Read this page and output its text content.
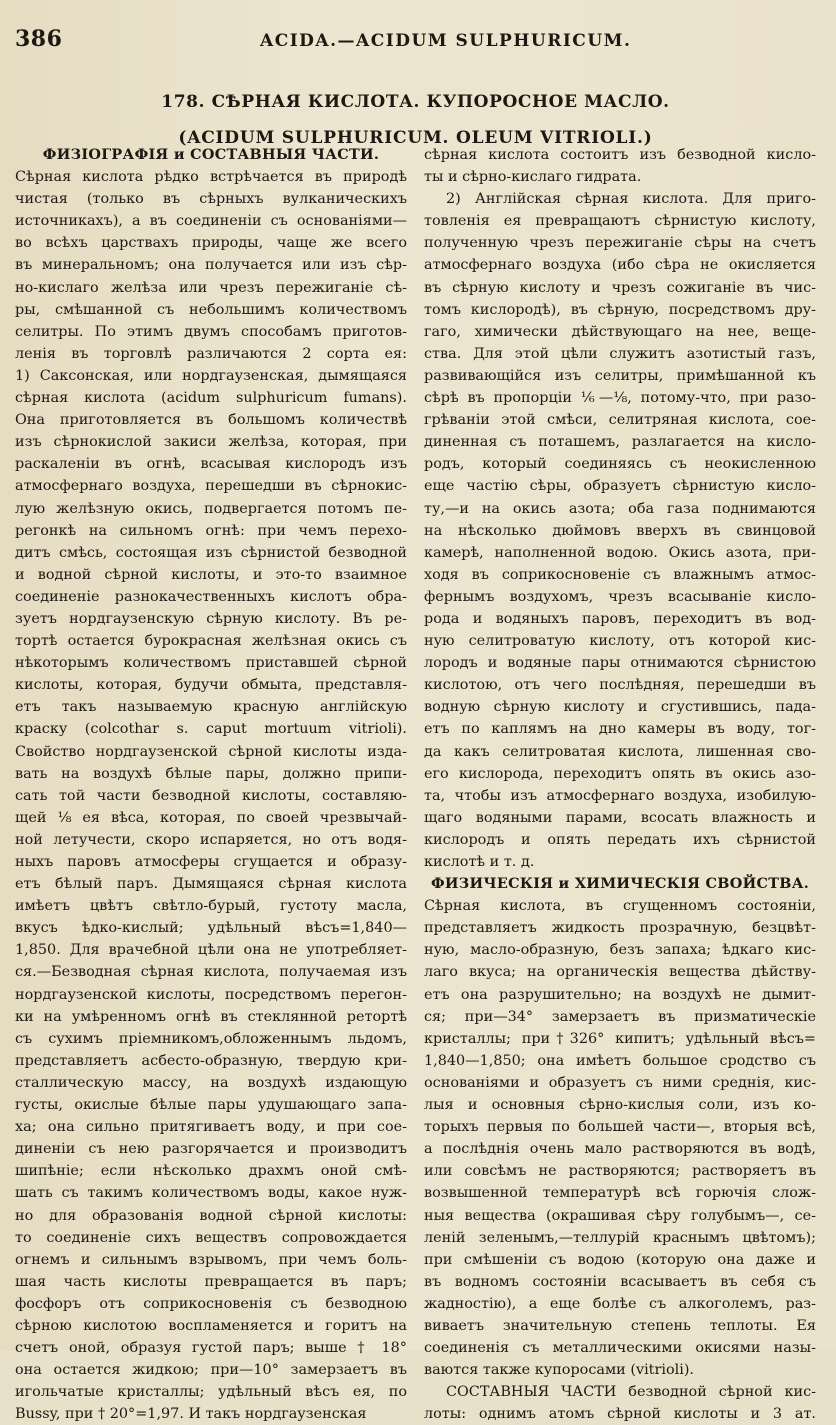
386	ACIDA.—ACIDUM SULPHURICUM.
178. СѢРНАЯ КИСЛОТА. КУПОРОСНОЕ МАСЛО.
(ACIDUM SULPHURICUM. OLEUM VITRIOLI.)
ФИЗІОГРАФІЯ и СОСТАВНЫЯ ЧАСТИ.
Сѣрная кислота рѣдко встрѣчается въ природѣ
чистая (только въ сѣрныхъ вулканическихъ
источникахъ), а въ соединеніи съ основаніями—
во всѣхъ царствахъ природы, чаще же всего
въ минеральномъ; она получается или изъ сѣр-
но-кислаго желѣза или чрезъ пережиганіе сѣ-
ры, смѣшанной съ небольшимъ количествомъ
селитры. По этимъ двумъ способамъ приготов-
ленія въ торговлѣ различаются 2 сорта ея:
1) Саксонская, или нордгаузенская, дымящаяся
сѣрная кислота (acidum sulphuricum fumans).
Она приготовляется въ большомъ количествѣ
изъ сѣрнокислой закиси желѣза, которая, при
раскаленіи въ огнѣ, всасывая кислородъ изъ
атмосфернаго воздуха, перешедши въ сѣрнокис-
лую желѣзную окись, подвергается потомъ пе-
регонкѣ на сильномъ огнѣ: при чемъ перехо-
дитъ смѣсь, состоящая изъ сѣрнистой безводной
и водной сѣрной кислоты, и это-то взаимное
соединеніе разнокачественныхъ кислотъ обра-
зуетъ нордгаузенскую сѣрную кислоту. Въ ре-
тортѣ остается бурокрасная желѣзная окись съ
нѣкоторымъ количествомъ приставшей сѣрной
кислоты, которая, будучи обмыта, представля-
етъ такъ называемую красную англійскую
краску (colcothar s. caput mortuum vitrioli).
Свойство нордгаузенской сѣрной кислоты изда-
вать на воздухѣ бѣлые пары, должно припи-
сать той части безводной кислоты, составляю-
щей ⅛ ея вѣса, которая, по своей чрезвычай-
ной летучести, скоро испаряется, но отъ водя-
ныхъ паровъ атмосферы сгущается и образу-
етъ бѣлый паръ. Дымящаяся сѣрная кислота
имѣетъ цвѣтъ свѣтло-бурый, густоту масла,
вкусъ ѣдко-кислый; удѣльный вѣсъ=1,840—
1,850. Для врачебной цѣли она не употребляет-
ся.—Безводная сѣрная кислота, получаемая изъ
нордгаузенской кислоты, посредствомъ перегон-
ки на умѣренномъ огнѣ въ стеклянной ретортѣ
съ сухимъ пріемникомъ,обложеннымъ льдомъ,
представляетъ асбесто-образную, твердую кри-
сталлическую массу, на воздухѣ издающую
густы, окислые бѣлые пары удушающаго запа-
ха; она сильно притягиваетъ воду, и при сое-
диненіи съ нею разгорячается и производитъ
шипѣніе; если нѣсколько драхмъ оной смѣ-
шать съ такимъ количествомъ воды, какое нуж-
но для образованія водной сѣрной кислоты:
то соединеніе сихъ веществъ сопровождается
огнемъ и сильнымъ взрывомъ, при чемъ боль-
шая часть кислоты превращается въ паръ;
фосфоръ отъ соприкосновенія съ безводною
сѣрною кислотою воспламеняется и горитъ на
счетъ оной, образуя густой паръ; выше † 18°
она остается жидкою; при—10° замерзаетъ въ
игольчатые кристаллы; удѣльный вѣсъ ея, по
Bussy, при † 20°=1,97. И такъ нордгаузенская
сѣрная кислота состоитъ изъ безводной кисло-
ты и сѣрно-кислаго гидрата.
2) Англійская сѣрная кислота. Для приго-
товленія ея превращаютъ сѣрнистую кислоту,
полученную чрезъ пережиганіе сѣры на счетъ
атмосфернаго воздуха (ибо сѣра не окисляется
въ сѣрную кислоту и чрезъ сожиганіе въ чис-
томъ кислородѣ), въ сѣрную, посредствомъ дру-
гаго, химически дѣйствующаго на нее, веще-
ства. Для этой цѣли служитъ азотистый газъ,
развивающійся изъ селитры, примѣшанной къ
сѣрѣ въ пропорціи ⅙—⅛, потому-что, при разо-
грѣваніи этой смѣси, селитряная кислота, сое-
диненная съ поташемъ, разлагается на кисло-
родъ, который соединяясь съ неокисленною
еще частію сѣры, образуетъ сѣрнистую кисло-
ту,—и на окись азота; оба газа поднимаются
на нѣсколько дюймовъ вверхъ въ свинцовой
камерѣ, наполненной водою. Окись азота, при-
ходя въ соприкосновеніе съ влажнымъ атмос-
фернымъ воздухомъ, чрезъ всасываніе кисло-
рода и водяныхъ паровъ, переходитъ въ вод-
ную селитроватую кислоту, отъ которой кис-
лородъ и водяные пары отнимаются сѣрнистою
кислотою, отъ чего послѣдняя, перешедши въ
водную сѣрную кислоту и сгустившись, пада-
етъ по каплямъ на дно камеры въ воду, тог-
да какъ селитроватая кислота, лишенная сво-
его кислорода, переходитъ опять въ окись азо-
та, чтобы изъ атмосфернаго воздуха, изобилую-
щаго водяными парами, всосать влажность и
кислородъ и опять передать ихъ сѣрнистой
кислотѣ и т. д.
ФИЗИЧЕСКІЯ и ХИМИЧЕСКІЯ СВОЙСТВА.
Сѣрная кислота, въ сгущенномъ состояніи,
представляетъ жидкость прозрачную, безцвѣт-
ную, масло-образную, безъ запаха; ѣдкаго кис-
лаго вкуса; на органическія вещества дѣйству-
етъ она разрушительно; на воздухѣ не дымит-
ся; при—34° замерзаетъ въ призматическіе
кристаллы; при†326° кипитъ; удѣльный вѣсъ=
1,840—1,850; она имѣетъ большое сродство съ
основаніями и образуетъ съ ними среднія, кис-
лыя и основныя сѣрно-кислыя соли, изъ ко-
торыхъ первыя по большей части—, вторыя всѣ,
а послѣднія очень мало растворяются въ водѣ,
или совсѣмъ не растворяются; растворяетъ въ
возвышенной температурѣ всѣ горючія слож-
ныя вещества (окрашивая сѣру голубымъ—, се-
леній зеленымъ,—теллурій краснымъ цвѣтомъ);
при смѣшеніи съ водою (которую она даже и
въ водномъ состояніи всасываетъ въ себя съ
жадностію), а еще болѣе съ алкоголемъ, раз-
виваетъ значительную степень теплоты. Ея
соединенія съ металлическими окисями назы-
ваются также купоросами (vitrioli).
СОСТАВНЫЯ ЧАСТИ безводной сѣрной кис-
лоты: однимъ атомъ сѣрной кислоты и 3 ат.
